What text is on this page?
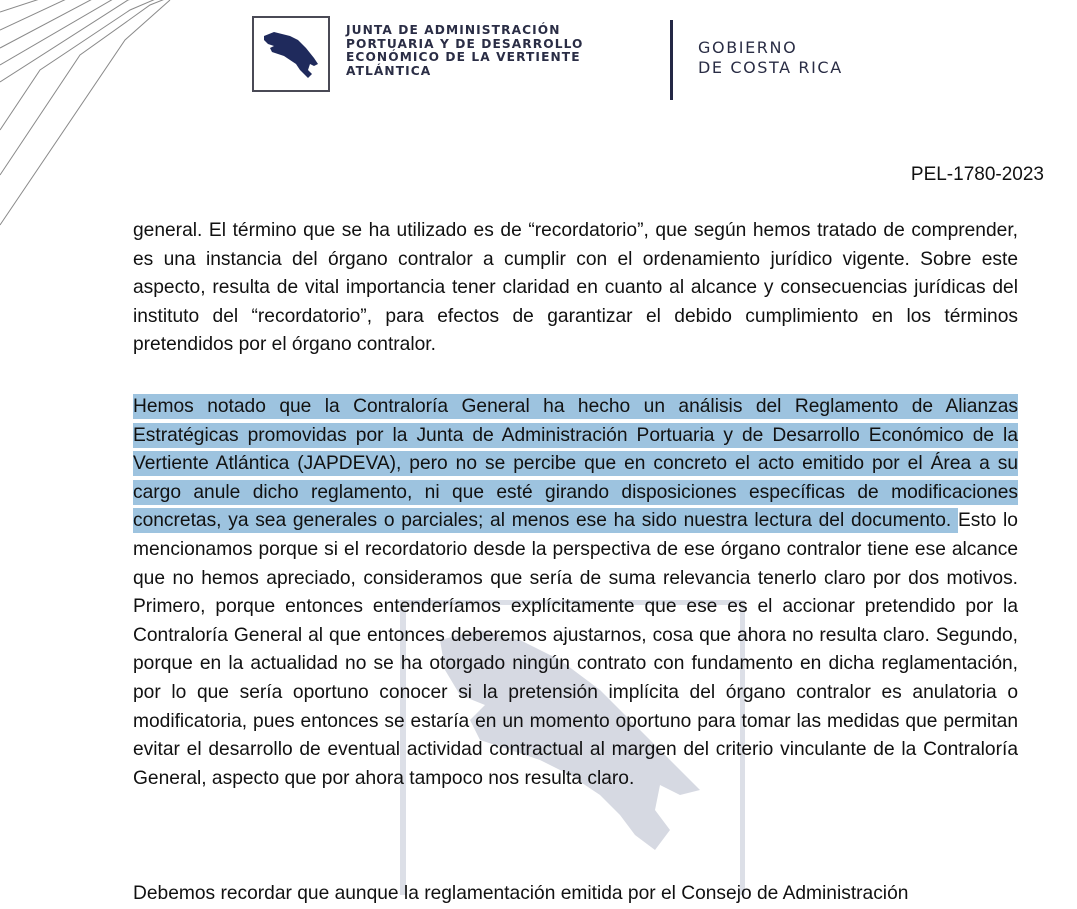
JUNTA DE ADMINISTRACIÓN
PORTUARIA Y DE DESARROLLO
ECONÓMICO DE LA VERTIENTE
ATLÁNTICA
GOBIERNO
DE COSTA RICA
PEL-1780-2023
general. El término que se ha utilizado es de “recordatorio”, que según hemos tratado de comprender, es una instancia del órgano contralor a cumplir con el ordenamiento jurídico vigente. Sobre este aspecto, resulta de vital importancia tener claridad en cuanto al alcance y consecuencias jurídicas del instituto del “recordatorio”, para efectos de garantizar el debido cumplimiento en los términos pretendidos por el órgano contralor.
Hemos notado que la Contraloría General ha hecho un análisis del Reglamento de Alianzas Estratégicas promovidas por la Junta de Administración Portuaria y de Desarrollo Económico de la Vertiente Atlántica (JAPDEVA), pero no se percibe que en concreto el acto emitido por el Área a su cargo anule dicho reglamento, ni que esté girando disposiciones específicas de modificaciones concretas, ya sea generales o parciales; al menos ese ha sido nuestra lectura del documento. Esto lo mencionamos porque si el recordatorio desde la perspectiva de ese órgano contralor tiene ese alcance que no hemos apreciado, consideramos que sería de suma relevancia tenerlo claro por dos motivos. Primero, porque entonces entenderíamos explícitamente que ese es el accionar pretendido por la Contraloría General al que entonces deberemos ajustarnos, cosa que ahora no resulta claro. Segundo, porque en la actualidad no se ha otorgado ningún contrato con fundamento en dicha reglamentación, por lo que sería oportuno conocer si la pretensión implícita del órgano contralor es anulatoria o modificatoria, pues entonces se estaría en un momento oportuno para tomar las medidas que permitan evitar el desarrollo de eventual actividad contractual al margen del criterio vinculante de la Contraloría General, aspecto que por ahora tampoco nos resulta claro.
Debemos recordar que aunque la reglamentación emitida por el Consejo de Administración
